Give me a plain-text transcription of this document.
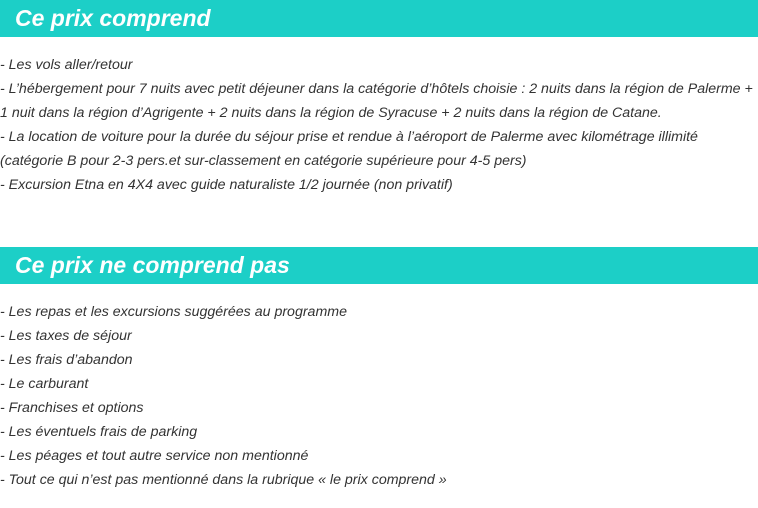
Ce prix comprend
- Les vols aller/retour
- L’hébergement pour 7 nuits avec petit déjeuner dans la catégorie d’hôtels choisie : 2 nuits dans la région de Palerme + 1 nuit dans la région d’Agrigente + 2 nuits dans la région de Syracuse + 2 nuits dans la région de Catane.
- La location de voiture pour la durée du séjour prise et rendue à l’aéroport de Palerme avec kilométrage illimité (catégorie B pour 2-3 pers.et sur-classement en catégorie supérieure pour 4-5 pers)
- Excursion Etna en 4X4 avec guide naturaliste 1/2 journée (non privatif)
Ce prix ne comprend pas
- Les repas et les excursions suggérées au programme
- Les taxes de séjour
- Les frais d’abandon
- Le carburant
- Franchises et options
- Les éventuels frais de parking
- Les péages et tout autre service non mentionné
- Tout ce qui n’est pas mentionné dans la rubrique « le prix comprend »
